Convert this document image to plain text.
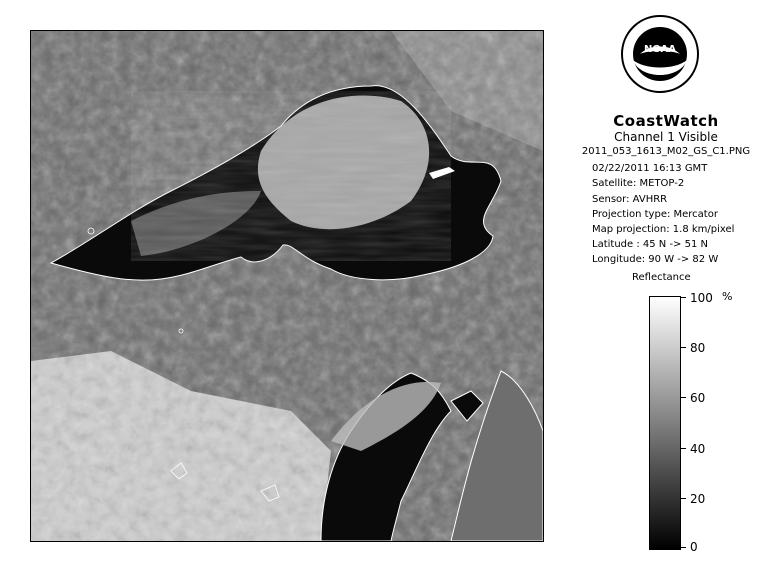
NOAA
CoastWatch
Channel 1 Visible
2011_053_1613_M02_GS_C1.PNG
02/22/2011 16:13 GMT
Satellite: METOP-2
Sensor: AVHRR
Projection type: Mercator
Map projection: 1.8 km/pixel
Latitude : 45 N -> 51 N
Longitude: 90 W -> 82 W
Reflectance
%
100
80
60
40
20
0
